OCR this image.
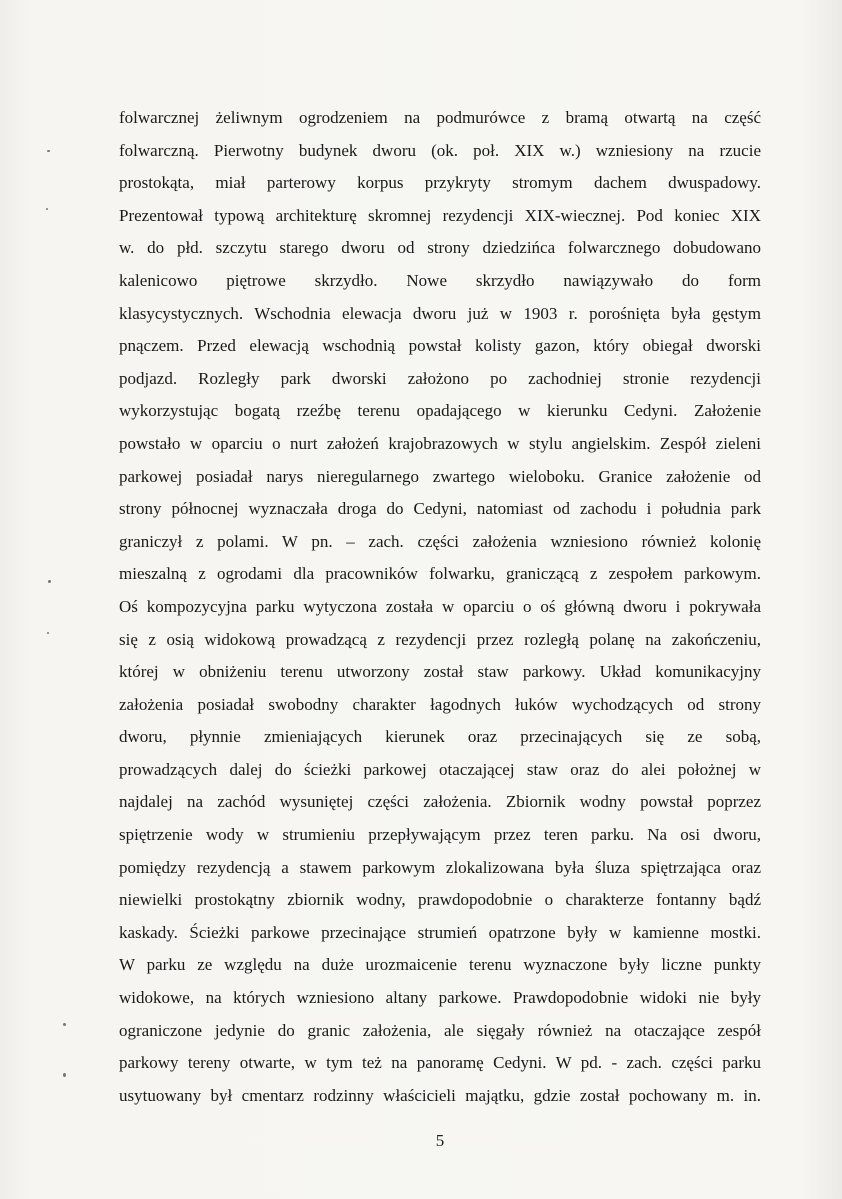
folwarcznej żeliwnym ogrodzeniem na podmurówce z bramą otwartą na część
folwarczną. Pierwotny budynek dworu (ok. poł. XIX w.) wzniesiony na rzucie
prostokąta, miał parterowy korpus przykryty stromym dachem dwuspadowy.
Prezentował typową architekturę skromnej rezydencji XIX-wiecznej. Pod koniec XIX
w. do płd. szczytu starego dworu od strony dziedzińca folwarcznego dobudowano
kalenicowo piętrowe skrzydło. Nowe skrzydło nawiązywało do form
klasycystycznych. Wschodnia elewacja dworu już w 1903 r. porośnięta była gęstym
pnączem. Przed elewacją wschodnią powstał kolisty gazon, który obiegał dworski
podjazd. Rozległy park dworski założono po zachodniej stronie rezydencji
wykorzystując bogatą rzeźbę terenu opadającego w kierunku Cedyni. Założenie
powstało w oparciu o nurt założeń krajobrazowych w stylu angielskim. Zespół zieleni
parkowej posiadał narys nieregularnego zwartego wieloboku. Granice założenie od
strony północnej wyznaczała droga do Cedyni, natomiast od zachodu i południa park
graniczył z polami. W pn. – zach. części założenia wzniesiono również kolonię
mieszalną z ogrodami dla pracowników folwarku, graniczącą z zespołem parkowym.
Oś kompozycyjna parku wytyczona została w oparciu o oś główną dworu i pokrywała
się z osią widokową prowadzącą z rezydencji przez rozległą polanę na zakończeniu,
której w obniżeniu terenu utworzony został staw parkowy. Układ komunikacyjny
założenia posiadał swobodny charakter łagodnych łuków wychodzących od strony
dworu, płynnie zmieniających kierunek oraz przecinających się ze sobą,
prowadzących dalej do ścieżki parkowej otaczającej staw oraz do alei położnej w
najdalej na zachód wysuniętej części założenia. Zbiornik wodny powstał poprzez
spiętrzenie wody w strumieniu przepływającym przez teren parku. Na osi dworu,
pomiędzy rezydencją a stawem parkowym zlokalizowana była śluza spiętrzająca oraz
niewielki prostokątny zbiornik wodny, prawdopodobnie o charakterze fontanny bądź
kaskady. Ścieżki parkowe przecinające strumień opatrzone były w kamienne mostki.
W parku ze względu na duże urozmaicenie terenu wyznaczone były liczne punkty
widokowe, na których wzniesiono altany parkowe. Prawdopodobnie widoki nie były
ograniczone jedynie do granic założenia, ale sięgały również na otaczające zespół
parkowy tereny otwarte, w tym też na panoramę Cedyni. W pd. - zach. części parku
usytuowany był cmentarz rodzinny właścicieli majątku, gdzie został pochowany m. in.
5
